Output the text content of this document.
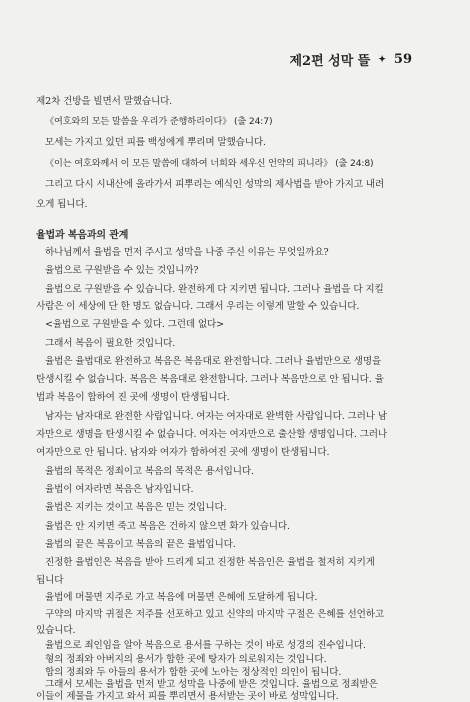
제2편 성막 뜰 ✦ 59
제2차 건방을 빌면서 말했습니다.
《여호와의 모든 말씀을 우리가 준행하리이다》 (출 24:7)
모세는 가지고 있던 피를 백성에게 뿌리며 말했습니다.
《이는 여호와께서 이 모든 말씀에 대하여 너희와 세우신 언약의 피니라》 (출 24:8)
그리고 다시 시내산에 올라가서 피뿌리는 예식인 성막의 제사법을 받아 가지고 내려
오게 됩니다.
율법과 복음과의 관계
하나님께서 율법을 먼저 주시고 성막을 나중 주신 이유는 무엇일까요?
율법으로 구원받을 수 있는 것입니까?
율법으로 구원받을 수 있습니다. 완전하게 다 지키면 됩니다. 그러나 율법을 다 지킬
사람은 이 세상에 단 한 명도 없습니다. 그래서 우리는 이렇게 말할 수 있습니다.
<율법으로 구원받을 수 있다. 그런데 없다>
그래서 복음이 필요한 것입니다.
율법은 율법대로 완전하고 복음은 복음대로 완전합니다. 그러나 율법만으로 생명을
탄생시킬 수 없습니다. 복음은 복음대로 완전합니다. 그러나 복음만으로 안 됩니다. 율
법과 복음이 합하여 진 곳에 생명이 탄생됩니다.
남자는 남자대로 완전한 사람입니다. 여자는 여자대로 완벽한 사람입니다. 그러나 남
자만으로 생명을 탄생시킬 수 없습니다. 여자는 여자만으로 출산할 생명입니다. 그러나
여자만으로 안 됩니다. 남자와 여자가 합하여진 곳에 생명이 탄생됩니다.
율법의 목적은 정죄이고 복음의 목적은 용서입니다.
율법이 여자라면 복음은 남자입니다.
율법은 지키는 것이고 복음은 믿는 것입니다.
율법은 안 지키면 죽고 복음은 건하지 않으면 화가 있습니다.
율법의 끝은 복음이고 복음의 끝은 율법입니다.
진정한 율법인은 복음을 받아 드리게 되고 진정한 복음인은 율법을 철저히 지키게
됩니다
율법에 머물면 지주로 가고 복음에 머물면 은혜에 도달하게 됩니다.
구약의 마지막 귀절은 저주를 선포하고 있고 신약의 마지막 구절은 은혜를 선언하고
있습니다.
율법으로 죄인임을 알아 복음으로 용서를 구하는 것이 바로 성경의 진수입니다.
형의 정죄와 아버지의 용서가 합한 곳에 탕자가 의로워지는 것입니다.
합의 정죄와 두 아들의 용서가 합한 곳에 노아는 정상적인 의인이 됩니다.
그래서 모세는 율법을 먼저 받고 성막을 나중에 받은 것입니다. 율법으로 정죄받은
이들이 제물을 가지고 와서 피를 뿌리면서 용서받는 곳이 바로 성막입니다.
